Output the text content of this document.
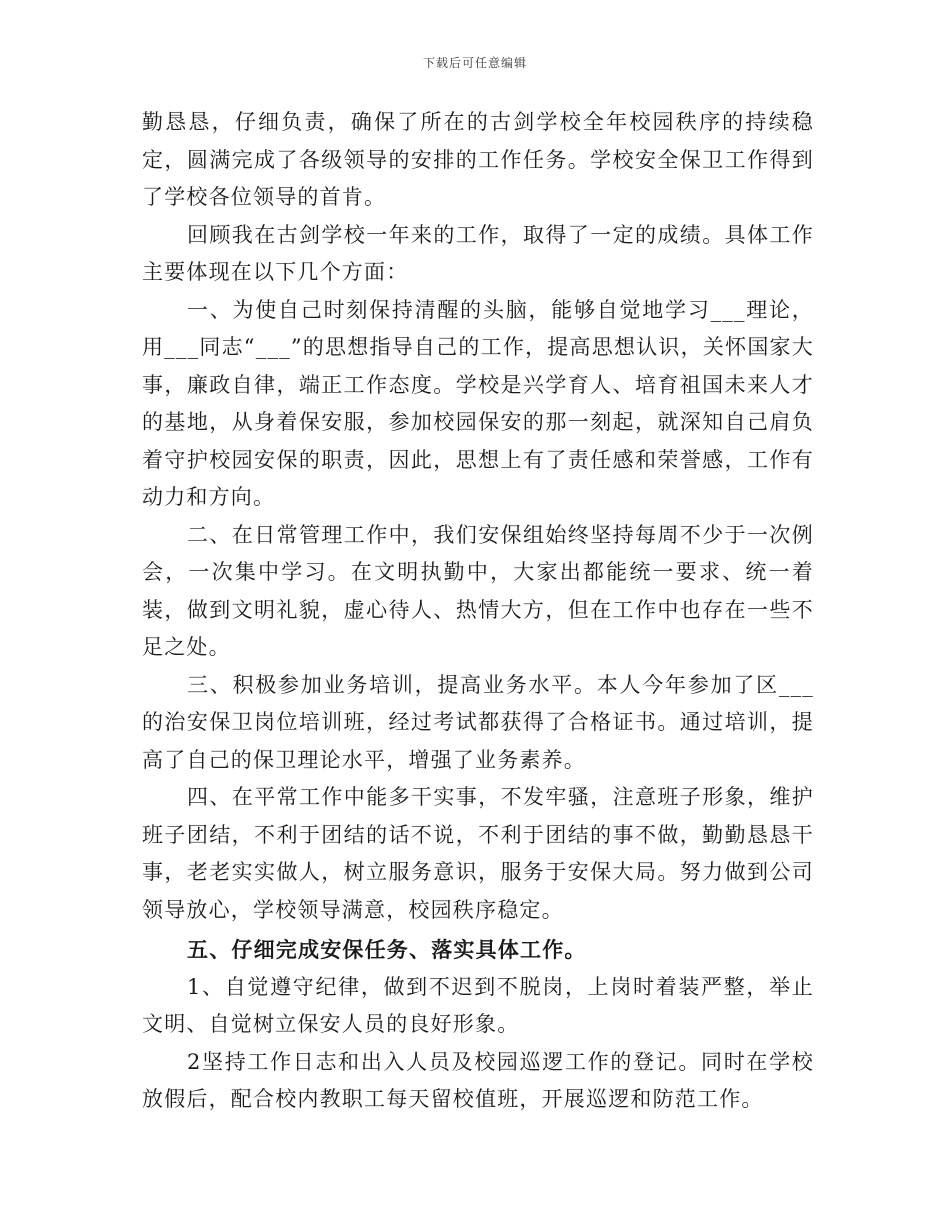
下载后可任意编辑

勤恳恳，仔细负责，确保了所在的古剑学校全年校园秩序的持续稳定，圆满完成了各级领导的安排的工作任务。学校安全保卫工作得到了学校各位领导的首肯。

回顾我在古剑学校一年来的工作，取得了一定的成绩。具体工作主要体现在以下几个方面：

一、为使自己时刻保持清醒的头脑，能够自觉地学习___理论，用___同志“___”的思想指导自己的工作，提高思想认识，关怀国家大事，廉政自律，端正工作态度。学校是兴学育人、培育祖国未来人才的基地，从身着保安服，参加校园保安的那一刻起，就深知自己肩负着守护校园安保的职责，因此，思想上有了责任感和荣誉感，工作有动力和方向。

二、在日常管理工作中，我们安保组始终坚持每周不少于一次例会，一次集中学习。在文明执勤中，大家出都能统一要求、统一着装，做到文明礼貌，虚心待人、热情大方，但在工作中也存在一些不足之处。

三、积极参加业务培训，提高业务水平。本人今年参加了区___的治安保卫岗位培训班，经过考试都获得了合格证书。通过培训，提高了自己的保卫理论水平，增强了业务素养。

四、在平常工作中能多干实事，不发牢骚，注意班子形象，维护班子团结，不利于团结的话不说，不利于团结的事不做，勤勤恳恳干事，老老实实做人，树立服务意识，服务于安保大局。努力做到公司领导放心，学校领导满意，校园秩序稳定。

五、仔细完成安保任务、落实具体工作。

1、自觉遵守纪律，做到不迟到不脱岗，上岗时着装严整，举止文明、自觉树立保安人员的良好形象。

2坚持工作日志和出入人员及校园巡逻工作的登记。同时在学校放假后，配合校内教职工每天留校值班，开展巡逻和防范工作。
